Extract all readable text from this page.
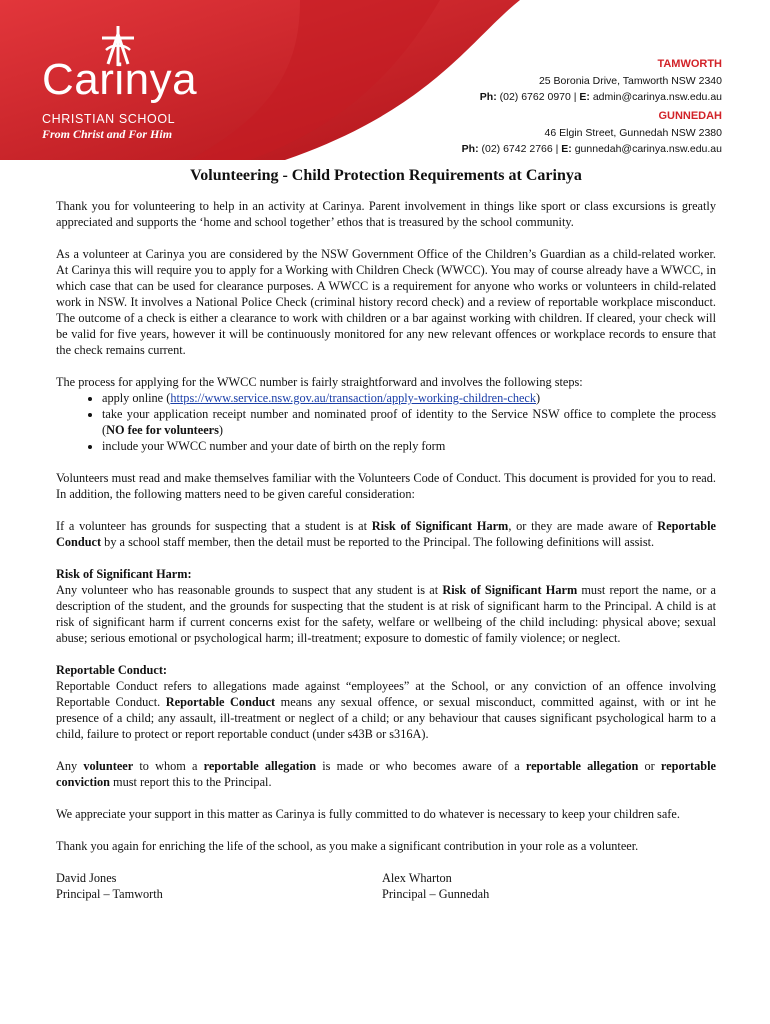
Carinya
CHRISTIAN SCHOOL
From Christ and For Him
TAMWORTH
25 Boronia Drive, Tamworth NSW 2340
Ph: (02) 6762 0970 | E: admin@carinya.nsw.edu.au
GUNNEDAH
46 Elgin Street, Gunnedah NSW 2380
Ph: (02) 6742 2766 | E: gunnedah@carinya.nsw.edu.au
Volunteering - Child Protection Requirements at Carinya

Thank you for volunteering to help in an activity at Carinya. Parent involvement in things like sport or class excursions is greatly appreciated and supports the ‘home and school together’ ethos that is treasured by the school community.

As a volunteer at Carinya you are considered by the NSW Government Office of the Children’s Guardian as a child-related worker. At Carinya this will require you to apply for a Working with Children Check (WWCC). You may of course already have a WWCC, in which case that can be used for clearance purposes. A WWCC is a requirement for anyone who works or volunteers in child-related work in NSW. It involves a National Police Check (criminal history record check) and a review of reportable workplace misconduct. The outcome of a check is either a clearance to work with children or a bar against working with children. If cleared, your check will be valid for five years, however it will be continuously monitored for any new relevant offences or workplace records to ensure that the check remains current.

The process for applying for the WWCC number is fairly straightforward and involves the following steps:

• apply online (https://www.service.nsw.gov.au/transaction/apply-working-children-check)
• take your application receipt number and nominated proof of identity to the Service NSW office to complete the process (NO fee for volunteers)
• include your WWCC number and your date of birth on the reply form

Volunteers must read and make themselves familiar with the Volunteers Code of Conduct. This document is provided for you to read. In addition, the following matters need to be given careful consideration:

If a volunteer has grounds for suspecting that a student is at Risk of Significant Harm, or they are made aware of Reportable Conduct by a school staff member, then the detail must be reported to the Principal. The following definitions will assist.

Risk of Significant Harm:

Any volunteer who has reasonable grounds to suspect that any student is at Risk of Significant Harm must report the name, or a description of the student, and the grounds for suspecting that the student is at risk of significant harm to the Principal. A child is at risk of significant harm if current concerns exist for the safety, welfare or wellbeing of the child including: physical above; sexual abuse; serious emotional or psychological harm; ill-treatment; exposure to domestic of family violence; or neglect.

Reportable Conduct:

Reportable Conduct refers to allegations made against “employees” at the School, or any conviction of an offence involving Reportable Conduct. Reportable Conduct means any sexual offence, or sexual misconduct, committed against, with or int he presence of a child; any assault, ill-treatment or neglect of a child; or any behaviour that causes significant psychological harm to a child, failure to protect or report reportable conduct (under s43B or s316A).

Any volunteer to whom a reportable allegation is made or who becomes aware of a reportable allegation or reportable conviction must report this to the Principal.

We appreciate your support in this matter as Carinya is fully committed to do whatever is necessary to keep your children safe.

Thank you again for enriching the life of the school, as you make a significant contribution in your role as a volunteer.

David Jones
Principal – Tamworth
Alex Wharton
Principal – Gunnedah
